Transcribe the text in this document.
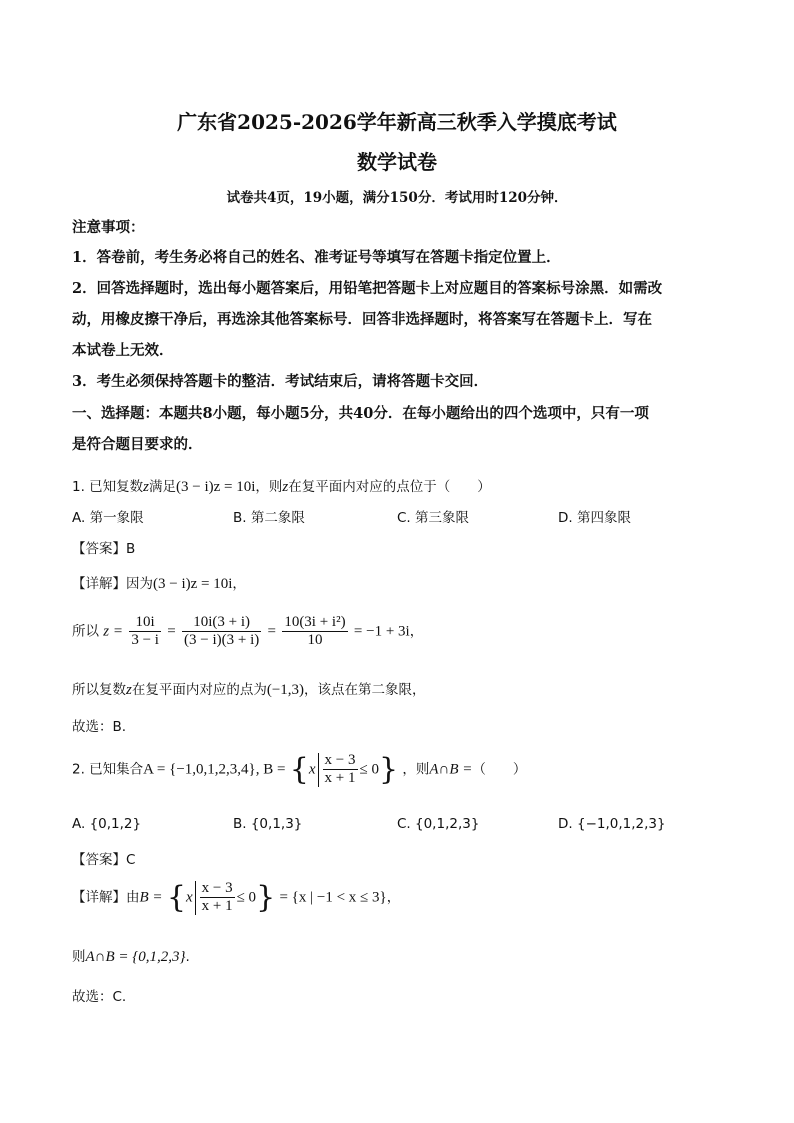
广东省2025-2026学年新高三秋季入学摸底考试
数学试卷
试卷共4页，19小题，满分150分．考试用时120分钟．
注意事项：
1．答卷前，考生务必将自己的姓名、准考证号等填写在答题卡指定位置上．
2．回答选择题时，选出每小题答案后，用铅笔把答题卡上对应题目的答案标号涂黑．如需改
动，用橡皮擦干净后，再选涂其他答案标号．回答非选择题时，将答案写在答题卡上．写在
本试卷上无效．
3．考生必须保持答题卡的整洁．考试结束后，请将答题卡交回．
一、选择题：本题共8小题，每小题5分，共40分．在每小题给出的四个选项中，只有一项
是符合题目要求的．
1. 已知复数z满足(3 − i)z = 10i，则z在复平面内对应的点位于（　　）
A. 第一象限	B. 第二象限	C. 第三象限	D. 第四象限
【答案】B
【详解】因为(3 − i)z = 10i，
所以 $z = \frac{10i}{3 - i} = \frac{10i(3 + i)}{(3 - i)(3 + i)} = \frac{\text{10(3i + i²)}}{10} = -1 + 3i$，
所以复数z在复平面内对应的点为(−1,3)，该点在第二象限，
故选：B.
2. 已知集合A = {−1,0,1,2,3,4}, $B = \{x \frac{x - 3}{x + 1} \le 0\}$ ，则A∩B =（　　）
A. {0,1,2}	B. {0,1,3}	C. {0,1,2,3}	D. {−1,0,1,2,3}
【答案】C
【详解】由$B = \{x \frac{x - 3}{x + 1} \le 0\} = \{x$ | −1 < x ≤ 3}，
则A∩B = {0,1,2,3}.
故选：C.
